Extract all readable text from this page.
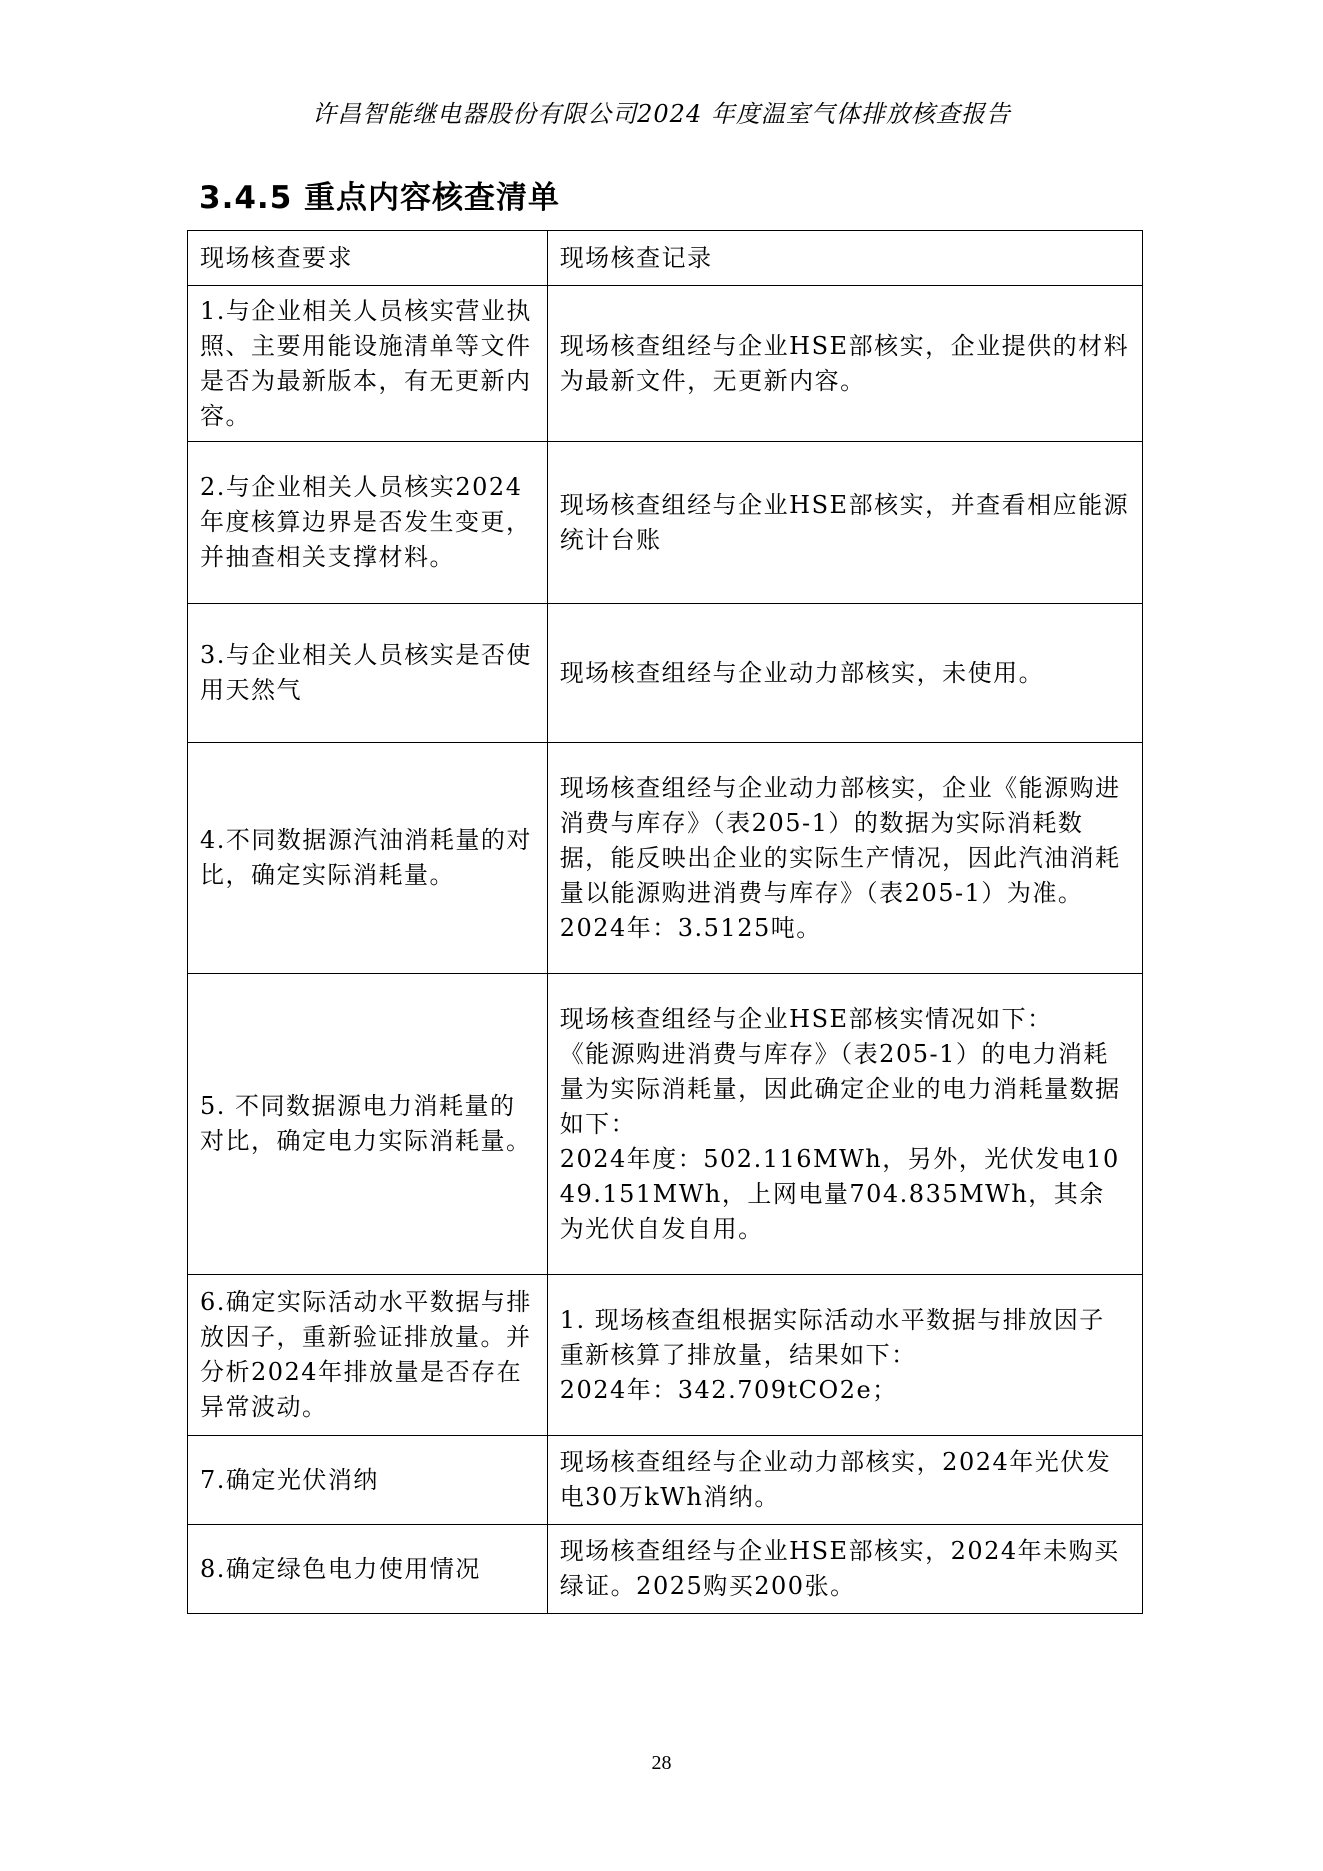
许昌智能继电器股份有限公司2024 年度温室气体排放核查报告
3.4.5 重点内容核查清单
现场核查要求	现场核查记录
1.与企业相关人员核实营业执照、主要用能设施清单等文件是否为最新版本，有无更新内容。	现场核查组经与企业HSE部核实，企业提供的材料为最新文件，无更新内容。
2.与企业相关人员核实2024年度核算边界是否发生变更，并抽查相关支撑材料。	现场核查组经与企业HSE部核实，并查看相应能源统计台账
3.与企业相关人员核实是否使用天然气	现场核查组经与企业动力部核实，未使用。
4.不同数据源汽油消耗量的对比，确定实际消耗量。	现场核查组经与企业动力部核实，企业《能源购进消费与库存》（表205-1）的数据为实际消耗数据，能反映出企业的实际生产情况，因此汽油消耗量以能源购进消费与库存》（表205-1）为准。
2024年：3.5125吨。
5. 不同数据源电力消耗量的对比，确定电力实际消耗量。	现场核查组经与企业HSE部核实情况如下：
《能源购进消费与库存》（表205-1）的电力消耗量为实际消耗量，因此确定企业的电力消耗量数据如下：
2024年度：502.116MWh，另外，光伏发电1049.151MWh，上网电量704.835MWh，其余为光伏自发自用。
6.确定实际活动水平数据与排放因子，重新验证排放量。并分析2024年排放量是否存在异常波动。	1. 现场核查组根据实际活动水平数据与排放因子重新核算了排放量，结果如下：
2024年：342.709tCO2e；
7.确定光伏消纳	现场核查组经与企业动力部核实，2024年光伏发电30万kWh消纳。
8.确定绿色电力使用情况	现场核查组经与企业HSE部核实，2024年未购买绿证。2025购买200张。
28
